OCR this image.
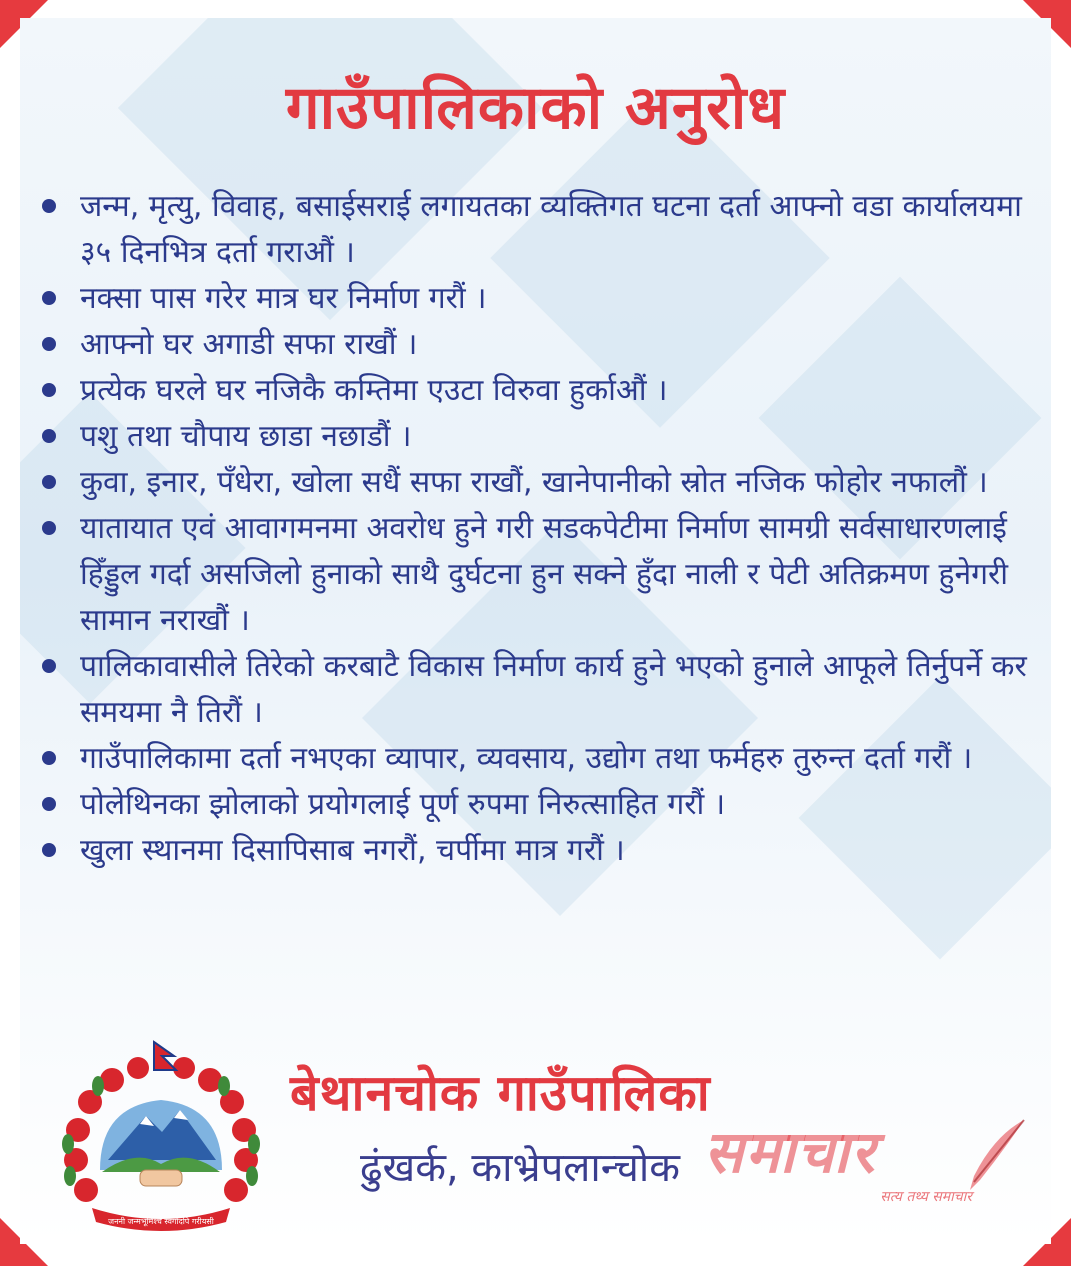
गाउँपालिकाको अनुरोध
जन्म, मृत्यु, विवाह, बसाईसराई लगायतका व्यक्तिगत घटना दर्ता आफ्नो वडा कार्यालयमा ३५ दिनभित्र दर्ता गराऔं ।
नक्सा पास गरेर मात्र घर निर्माण गरौं ।
आफ्नो घर अगाडी सफा राखौं ।
प्रत्येक घरले घर नजिकै कम्तिमा एउटा विरुवा हुर्काऔं ।
पशु तथा चौपाय छाडा नछाडौं ।
कुवा, इनार, पँधेरा, खोला सधैं सफा राखौं, खानेपानीको स्रोत नजिक फोहोर नफालौं ।
यातायात एवं आवागमनमा अवरोध हुने गरी सडकपेटीमा निर्माण सामग्री सर्वसाधारणलाई हिँड्डुल गर्दा असजिलो हुनाको साथै दुर्घटना हुन सक्ने हुँदा नाली र पेटी अतिक्रमण हुनेगरी सामान नराखौं ।
पालिकावासीले तिरेको करबाटै विकास निर्माण कार्य हुने भएको हुनाले आफूले तिर्नुपर्ने कर समयमा नै तिरौं ।
गाउँपालिकामा दर्ता नभएका व्यापार, व्यवसाय, उद्योग तथा फर्महरु तुरुन्त दर्ता गरौं ।
पोलेथिनका झोलाको प्रयोगलाई पूर्ण रुपमा निरुत्साहित गरौं ।
खुला स्थानमा दिसापिसाब नगरौं, चर्पीमा मात्र गरौं ।
जननी जन्मभूमिश्च स्वर्गादपि गरीयसी
बेथानचोक गाउँपालिका
ढुंखर्क, काभ्रेपलान्चोक समाचार
सत्य तथ्य समाचार
